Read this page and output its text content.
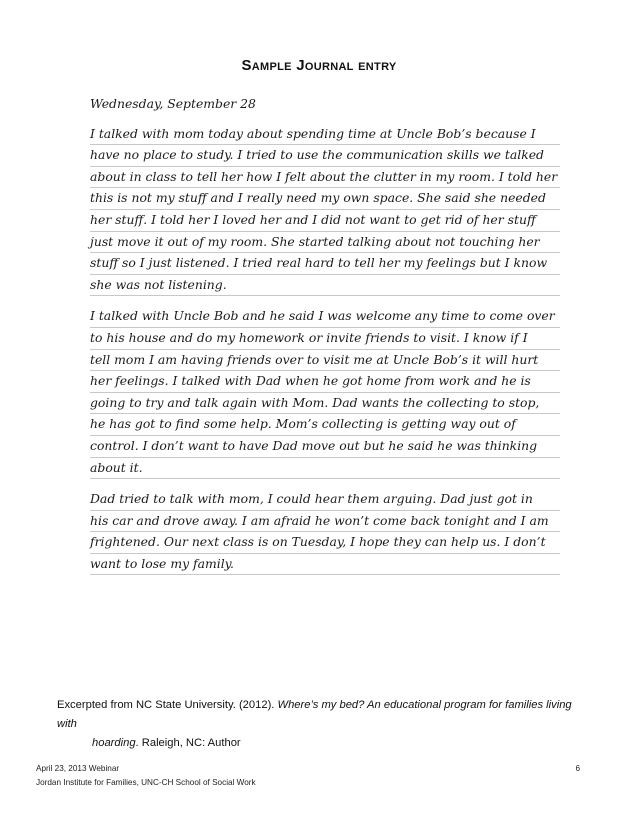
Sample Journal entry
Wednesday, September 28
I talked with mom today about spending time at Uncle Bob’s because I
have no place to study. I tried to use the communication skills we talked
about in class to tell her how I felt about the clutter in my room. I told her
this is not my stuff and I really need my own space. She said she needed
her stuff. I told her I loved her and I did not want to get rid of her stuff
just move it out of my room. She started talking about not touching her
stuff so I just listened. I tried real hard to tell her my feelings but I know
she was not listening.
I talked with Uncle Bob and he said I was welcome any time to come over
to his house and do my homework or invite friends to visit. I know if I
tell mom I am having friends over to visit me at Uncle Bob’s it will hurt
her feelings. I talked with Dad when he got home from work and he is
going to try and talk again with Mom. Dad wants the collecting to stop,
he has got to find some help. Mom’s collecting is getting way out of
control. I don’t want to have Dad move out but he said he was thinking
about it.
Dad tried to talk with mom, I could hear them arguing. Dad just got in
his car and drove away. I am afraid he won’t come back tonight and I am
frightened. Our next class is on Tuesday, I hope they can help us. I don’t
want to lose my family.
Excerpted from NC State University. (2012). Where’s my bed? An educational program for families living with
hoarding. Raleigh, NC: Author
April 23, 2013 Webinar
Jordan Institute for Families, UNC-CH School of Social Work
6
